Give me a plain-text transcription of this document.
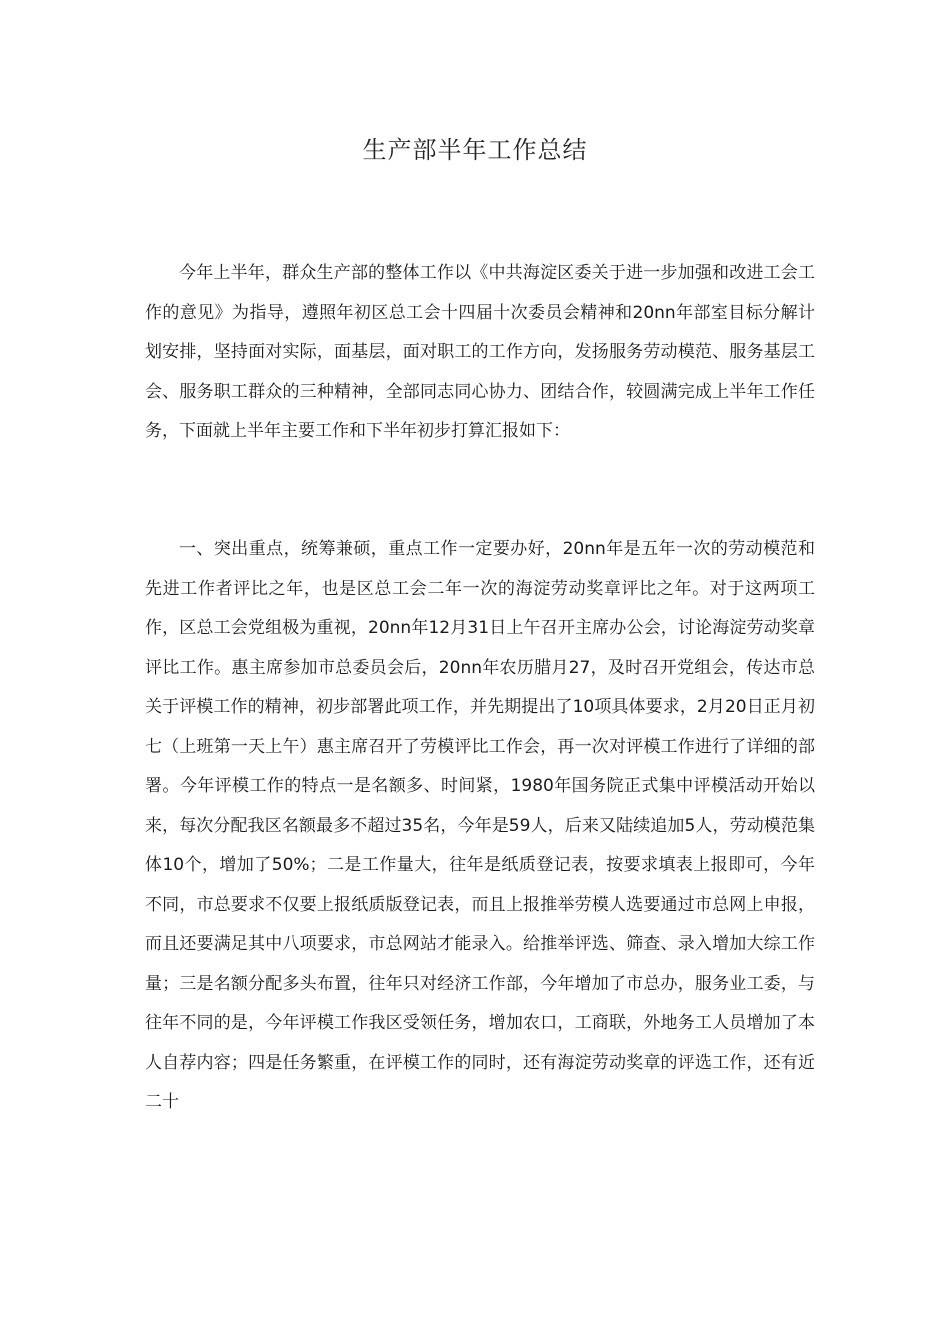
生产部半年工作总结

今年上半年，群众生产部的整体工作以《中共海淀区委关于进一步加强和改进工会工作的意见》为指导，遵照年初区总工会十四届十次委员会精神和20nn年部室目标分解计划安排，坚持面对实际，面基层，面对职工的工作方向，发扬服务劳动模范、服务基层工会、服务职工群众的三种精神，全部同志同心协力、团结合作，较圆满完成上半年工作任务，下面就上半年主要工作和下半年初步打算汇报如下：

一、突出重点，统筹兼硕，重点工作一定要办好，20nn年是五年一次的劳动模范和先进工作者评比之年，也是区总工会二年一次的海淀劳动奖章评比之年。对于这两项工作，区总工会党组极为重视，20nn年12月31日上午召开主席办公会，讨论海淀劳动奖章评比工作。惠主席参加市总委员会后，20nn年农历腊月27，及时召开党组会，传达市总关于评模工作的精神，初步部署此项工作，并先期提出了10项具体要求，2月20日正月初七（上班第一天上午）惠主席召开了劳模评比工作会，再一次对评模工作进行了详细的部署。今年评模工作的特点一是名额多、时间紧，1980年国务院正式集中评模活动开始以来，每次分配我区名额最多不超过35名，今年是59人，后来又陆续追加5人，劳动模范集体10个，增加了50%；二是工作量大，往年是纸质登记表，按要求填表上报即可，今年不同，市总要求不仅要上报纸质版登记表，而且上报推举劳模人选要通过市总网上申报，而且还要满足其中八项要求，市总网站才能录入。给推举评选、筛查、录入增加大综工作量；三是名额分配多头布置，往年只对经济工作部，今年增加了市总办，服务业工委，与往年不同的是，今年评模工作我区受领任务，增加农口，工商联，外地务工人员增加了本人自荐内容；四是任务繁重，在评模工作的同时，还有海淀劳动奖章的评选工作，还有近二十
